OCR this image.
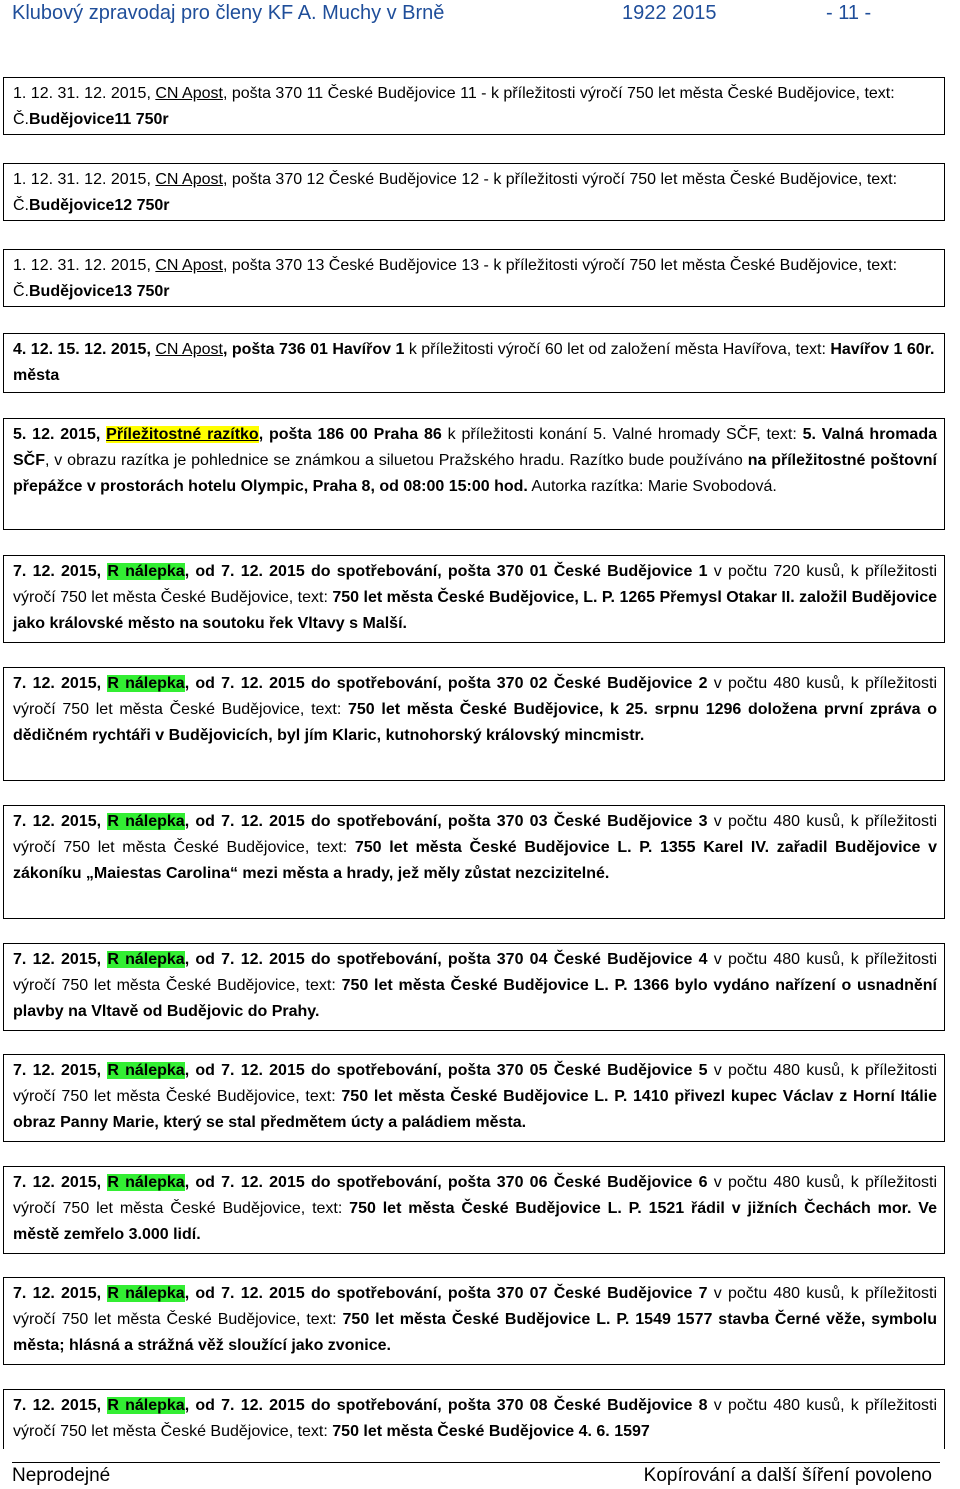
Klubový zpravodaj pro členy KF A. Muchy v Brně	1922 2015	- 11 -

1. 12. 31. 12. 2015, CN Apost, pošta 370 11 České Budějovice 11 - k příležitosti výročí 750 let města České Budějovice, text: Č.Budějovice11 750r

1. 12. 31. 12. 2015, CN Apost, pošta 370 12 České Budějovice 12 - k příležitosti výročí 750 let města České Budějovice, text: Č.Budějovice12 750r

1. 12. 31. 12. 2015, CN Apost, pošta 370 13 České Budějovice 13 - k příležitosti výročí 750 let města České Budějovice, text: Č.Budějovice13 750r

4. 12. 15. 12. 2015, CN Apost, pošta 736 01 Havířov 1 k příležitosti výročí 60 let od založení města Havířova, text: Havířov 1 60r. města

5. 12. 2015, Příležitostné razítko, pošta 186 00 Praha 86 k příležitosti konání 5. Valné hromady SČF, text: 5. Valná hromada SČF, v obrazu razítka je pohlednice se známkou a siluetou Pražského hradu. Razítko bude používáno na příležitostné poštovní přepážce v prostorách hotelu Olympic, Praha 8, od 08:00 15:00 hod. Autorka razítka: Marie Svobodová.

7. 12. 2015, R nálepka, od 7. 12. 2015 do spotřebování, pošta 370 01 České Budějovice 1 v počtu 720 kusů, k příležitosti výročí 750 let města České Budějovice, text: 750 let města České Budějovice, L. P. 1265 Přemysl Otakar II. založil Budějovice jako královské město na soutoku řek Vltavy s Malší.

7. 12. 2015, R nálepka, od 7. 12. 2015 do spotřebování, pošta 370 02 České Budějovice 2 v počtu 480 kusů, k příležitosti výročí 750 let města České Budějovice, text: 750 let města České Budějovice, k 25. srpnu 1296 doložena první zpráva o dědičném rychtáři v Budějovicích, byl jím Klaric, kutnohorský královský mincmistr.

7. 12. 2015, R nálepka, od 7. 12. 2015 do spotřebování, pošta 370 03 České Budějovice 3 v počtu 480 kusů, k příležitosti výročí 750 let města České Budějovice, text: 750 let města České Budějovice L. P. 1355 Karel IV. zařadil Budějovice v zákoníku „Maiestas Carolina“ mezi města a hrady, jež měly zůstat nezcizitelné.

7. 12. 2015, R nálepka, od 7. 12. 2015 do spotřebování, pošta 370 04 České Budějovice 4 v počtu 480 kusů, k příležitosti výročí 750 let města České Budějovice, text: 750 let města České Budějovice L. P. 1366 bylo vydáno nařízení o usnadnění plavby na Vltavě od Budějovic do Prahy.

7. 12. 2015, R nálepka, od 7. 12. 2015 do spotřebování, pošta 370 05 České Budějovice 5 v počtu 480 kusů, k příležitosti výročí 750 let města České Budějovice, text: 750 let města České Budějovice L. P. 1410 přivezl kupec Václav z Horní Itálie obraz Panny Marie, který se stal předmětem úcty a paládiem města.

7. 12. 2015, R nálepka, od 7. 12. 2015 do spotřebování, pošta 370 06 České Budějovice 6 v počtu 480 kusů, k příležitosti výročí 750 let města České Budějovice, text: 750 let města České Budějovice L. P. 1521 řádil v jižních Čechách mor. Ve městě zemřelo 3.000 lidí.

7. 12. 2015, R nálepka, od 7. 12. 2015 do spotřebování, pošta 370 07 České Budějovice 7 v počtu 480 kusů, k příležitosti výročí 750 let města České Budějovice, text: 750 let města České Budějovice L. P. 1549 1577 stavba Černé věže, symbolu města; hlásná a strážná věž sloužící jako zvonice.

7. 12. 2015, R nálepka, od 7. 12. 2015 do spotřebování, pošta 370 08 České Budějovice 8 v počtu 480 kusů, k příležitosti výročí 750 let města České Budějovice, text: 750 let města České Budějovice 4. 6. 1597

Neprodejné	Kopírování a další šíření povoleno
